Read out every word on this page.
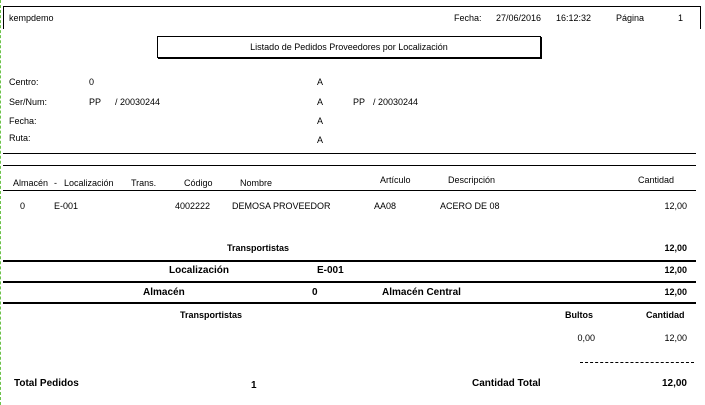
kempdemo	Fecha: 27/06/2016 16:12:32	Página	1
Listado de Pedidos Proveedores por Localización
Centro:	0	A
Ser/Num:	PP / 20030244	A	PP / 20030244
Fecha:	A
Ruta:	A
Almacén - Localización Trans.	Código	Nombre	Artículo	Descripción	Cantidad
0	E-001	4002222 DEMOSA PROVEEDOR	AA08	ACERO DE 08	12,00
Transportistas	12,00
Localización	E-001	12,00
Almacén	0	Almacén Central	12,00
Transportistas	Bultos	Cantidad
0,00	12,00
Total Pedidos	1	Cantidad Total	12,00
